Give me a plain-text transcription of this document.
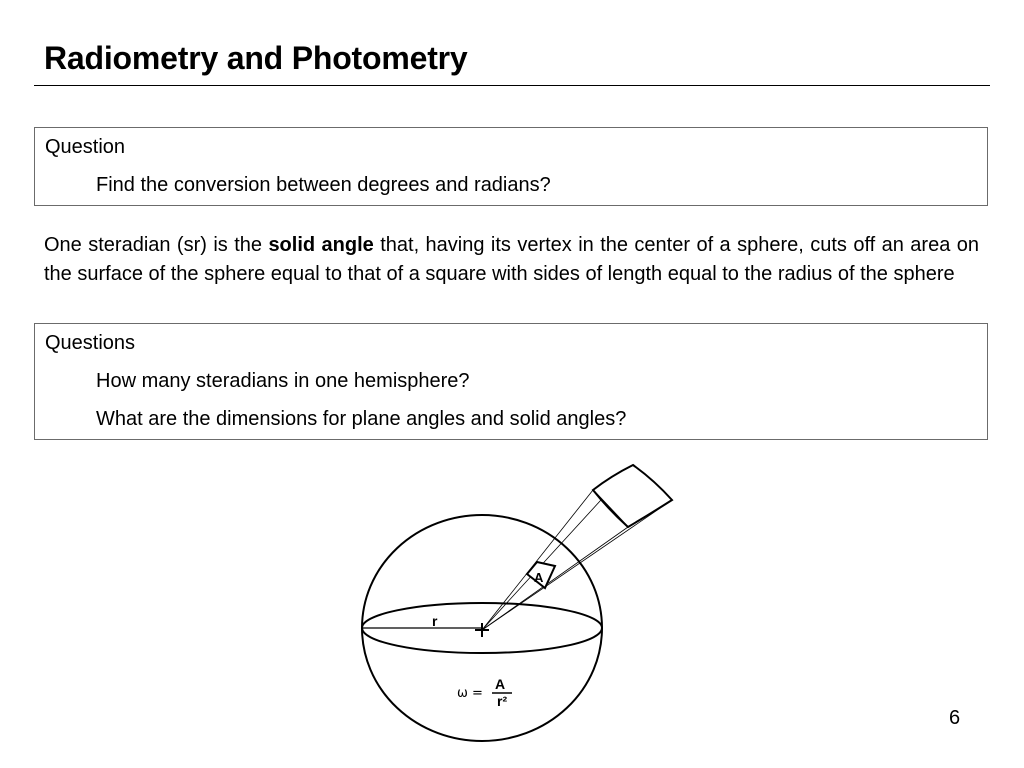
Radiometry and Photometry
Question
Find the conversion between degrees and radians?
One steradian (sr) is the solid angle that, having its vertex in the center of a sphere, cuts off an area on the surface of the sphere equal to that of a square with sides of length equal to the radius of the sphere
Questions
How many steradians in one hemisphere?
What are the dimensions for plane angles and solid angles?
A
r
ω =
A
r²
6
